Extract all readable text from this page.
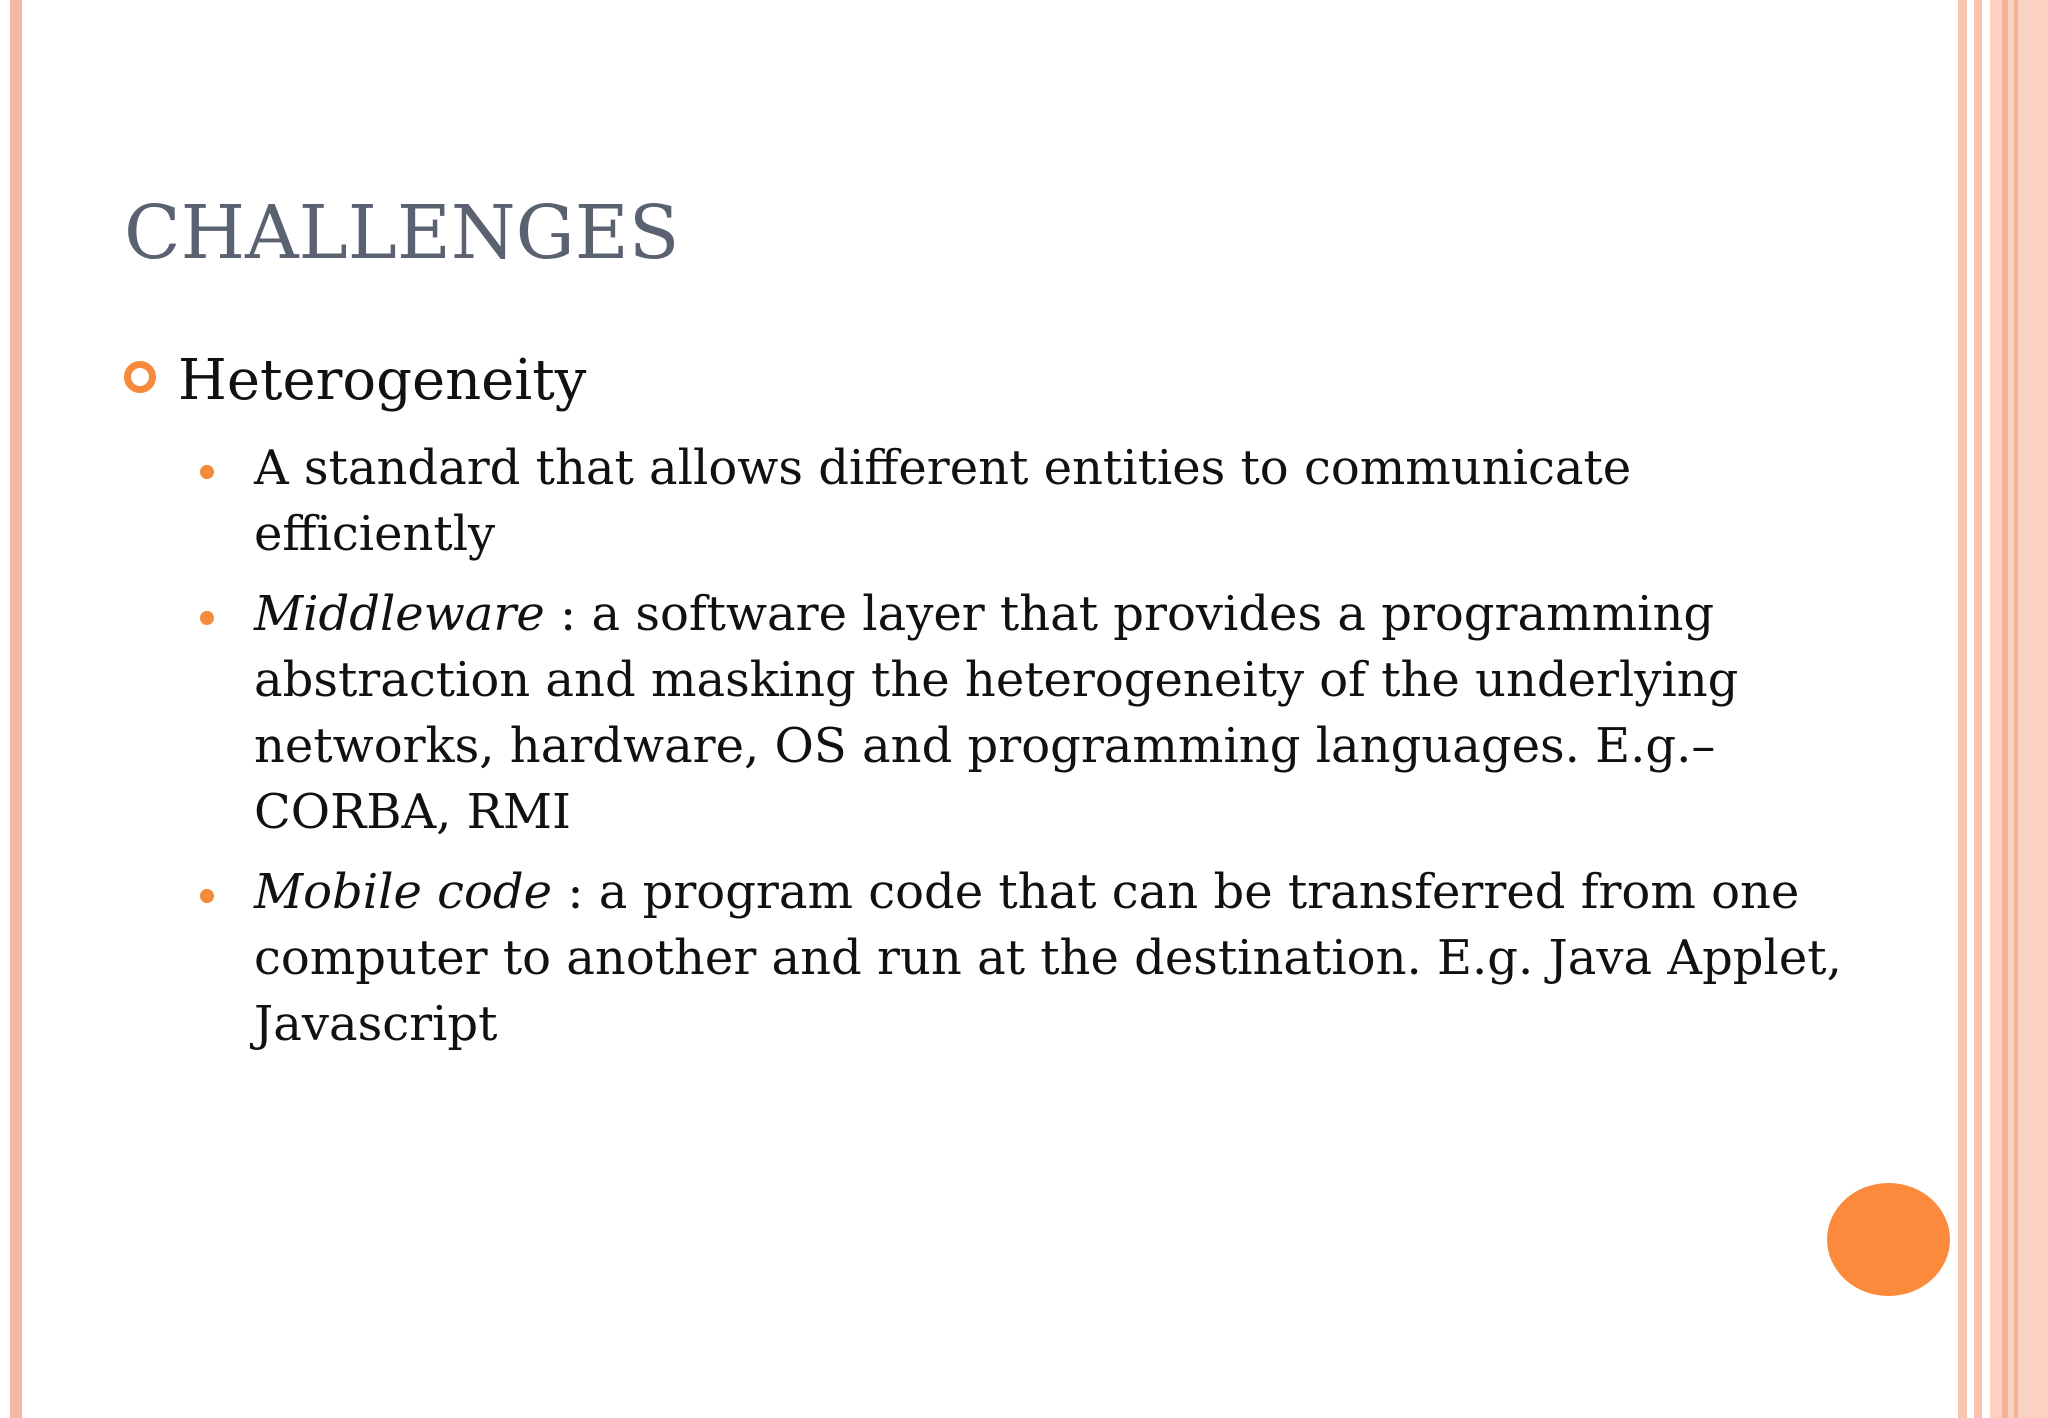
CHALLENGES
Heterogeneity
A standard that allows different entities to communicate efficiently
Middleware : a software layer that provides a programming abstraction and masking the heterogeneity of the underlying networks, hardware, OS and programming languages. E.g.– CORBA, RMI
Mobile code : a program code that can be transferred from one computer to another and run at the destination. E.g. Java Applet, Javascript
